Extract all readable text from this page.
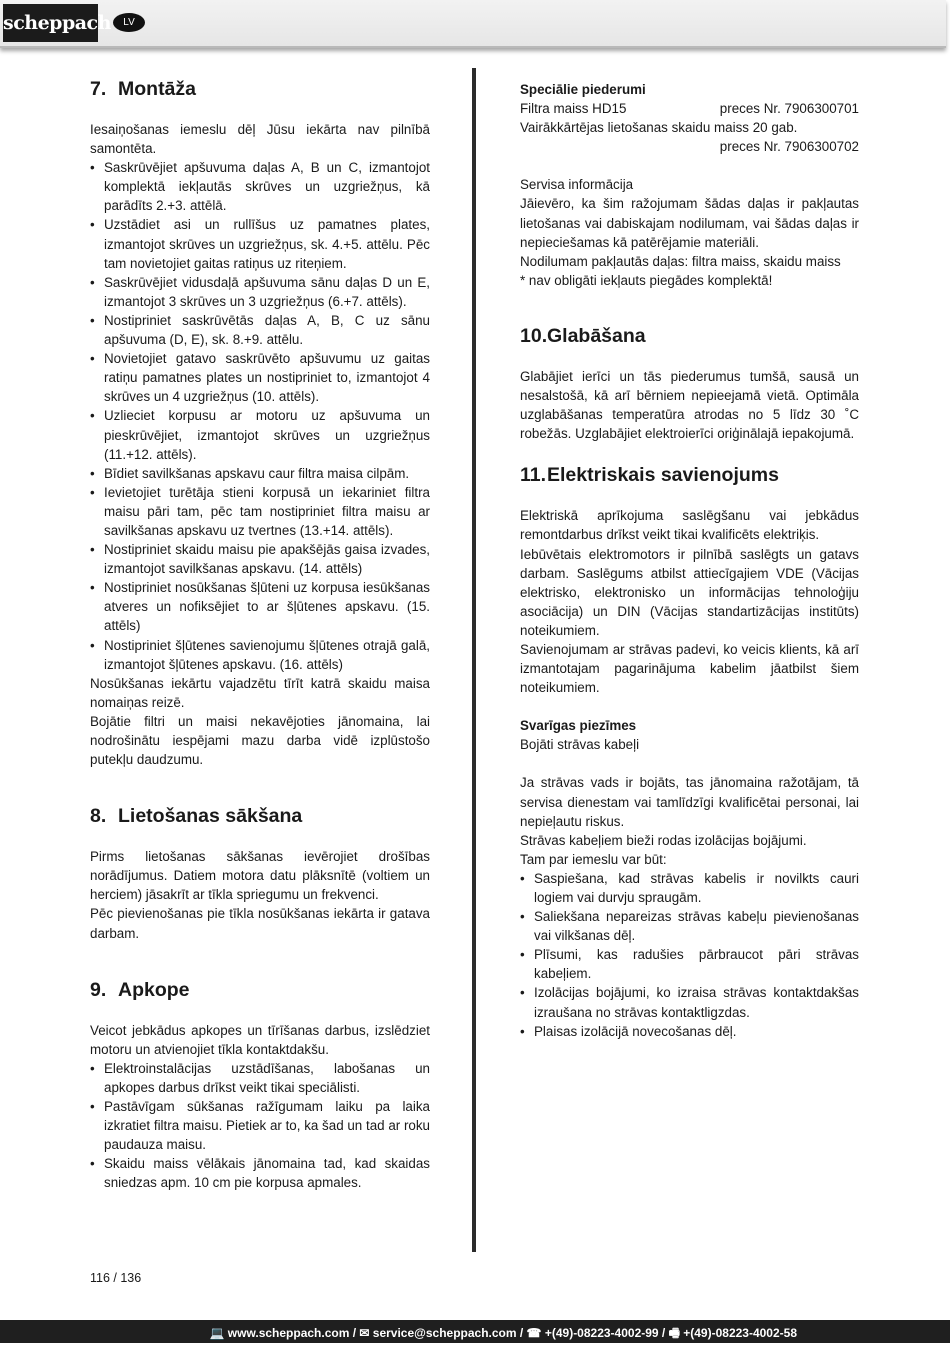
scheppach	LV
7. Montāža

Iesaiņošanas iemeslu dēļ Jūsu iekārta nav pilnībā samontēta.

• Saskrūvējiet apšuvuma daļas A, B un C, izmantojot komplektā iekļautās skrūves un uzgriežņus, kā parādīts 2.+3. attēlā.
• Uzstādiet asi un rullīšus uz pamatnes plates, izmantojot skrūves un uzgriežņus, sk. 4.+5. attēlu. Pēc tam novietojiet gaitas ratiņus uz riteņiem.
• Saskrūvējiet vidusdaļā apšuvuma sānu daļas D un E, izmantojot 3 skrūves un 3 uzgriežņus (6.+7. attēls).
• Nostipriniet saskrūvētās daļas A, B, C uz sānu apšuvuma (D, E), sk. 8.+9. attēlu.
• Novietojiet gatavo saskrūvēto apšuvumu uz gaitas ratiņu pamatnes plates un nostipriniet to, izmantojot 4 skrūves un 4 uzgriežņus (10. attēls).
• Uzlieciet korpusu ar motoru uz apšuvuma un pieskrūvējiet, izmantojot skrūves un uzgriežņus (11.+12. attēls).
• Bīdiet savilkšanas apskavu caur filtra maisa cilpām.
• Ievietojiet turētāja stieni korpusā un iekariniet filtra maisu pāri tam, pēc tam nostipriniet filtra maisu ar savilkšanas apskavu uz tvertnes (13.+14. attēls).
• Nostipriniet skaidu maisu pie apakšējās gaisa izvades, izmantojot savilkšanas apskavu. (14. attēls)
• Nostipriniet nosūkšanas šļūteni uz korpusa iesūkšanas atveres un nofiksējiet to ar šļūtenes apskavu. (15. attēls)
• Nostipriniet šļūtenes savienojumu šļūtenes otrajā galā, izmantojot šļūtenes apskavu. (16. attēls)

Nosūkšanas iekārtu vajadzētu tīrīt katrā skaidu maisa nomaiņas reizē.

Bojātie filtri un maisi nekavējoties jānomaina, lai nodrošinātu iespējami mazu darba vidē izplūstošo putekļu daudzumu.

8. Lietošanas sākšana

Pirms lietošanas sākšanas ievērojiet drošības norādījumus. Datiem motora datu plāksnītē (voltiem un herciem) jāsakrīt ar tīkla spriegumu un frekvenci.

Pēc pievienošanas pie tīkla nosūkšanas iekārta ir gatava darbam.

9. Apkope

Veicot jebkādus apkopes un tīrīšanas darbus, izslēdziet motoru un atvienojiet tīkla kontaktdakšu.

• Elektroinstalācijas uzstādīšanas, labošanas un apkopes darbus drīkst veikt tikai speciālisti.
• Pastāvīgam sūkšanas ražīgumam laiku pa laika izkratiet filtra maisu. Pietiek ar to, ka šad un tad ar roku paudauza maisu.
• Skaidu maiss vēlākais jānomaina tad, kad skaidas sniedzas apm. 10 cm pie korpusa apmales.

Speciālie piederumi

Filtra maiss HD15	preces Nr. 7906300701

Vairākkārtējas lietošanas skaidu maiss 20 gab.

preces Nr. 7906300702

Servisa informācija

Jāievēro, ka šim ražojumam šādas daļas ir pakļautas lietošanas vai dabiskajam nodilumam, vai šādas daļas ir nepieciešamas kā patērējamie materiāli.

Nodilumam pakļautās daļas: filtra maiss, skaidu maiss

* nav obligāti iekļauts piegādes komplektā!

10. Glabāšana

Glabājiet ierīci un tās piederumus tumšā, sausā un nesalstošā, kā arī bērniem nepieejamā vietā. Optimāla uzglabāšanas temperatūra atrodas no 5 līdz 30 ˚C robežās. Uzglabājiet elektroierīci oriģinālajā iepakojumā.

11. Elektriskais savienojums

Elektriskā aprīkojuma saslēgšanu vai jebkādus remontdarbus drīkst veikt tikai kvalificēts elektriķis.

Iebūvētais elektromotors ir pilnībā saslēgts un gatavs darbam. Saslēgums atbilst attiecīgajiem VDE (Vācijas elektrisko, elektronisko un informācijas tehnoloģiju asociācija) un DIN (Vācijas standartizācijas institūts) noteikumiem.

Savienojumam ar strāvas padevi, ko veicis klients, kā arī izmantotajam pagarinājuma kabelim jāatbilst šiem noteikumiem.

Svarīgas piezīmes

Bojāti strāvas kabeļi

Ja strāvas vads ir bojāts, tas jānomaina ražotājam, tā servisa dienestam vai tamlīdzīgi kvalificētai personai, lai nepieļautu riskus.

Strāvas kabeļiem bieži rodas izolācijas bojājumi.

Tam par iemeslu var būt:

• Saspiešana, kad strāvas kabelis ir novilkts cauri logiem vai durvju spraugām.
• Saliekšana nepareizas strāvas kabeļu pievienošanas vai vilkšanas dēļ.
• Plīsumi, kas radušies pārbraucot pāri strāvas kabeļiem.
• Izolācijas bojājumi, ko izraisa strāvas kontaktdakšas izraušana no strāvas kontaktligzdas.
• Plaisas izolācijā novecošanas dēļ.
116 / 136
💻 www.scheppach.com / ✉ service@scheppach.com / ☎ +(49)-08223-4002-99 / 🖷 +(49)-08223-4002-58
